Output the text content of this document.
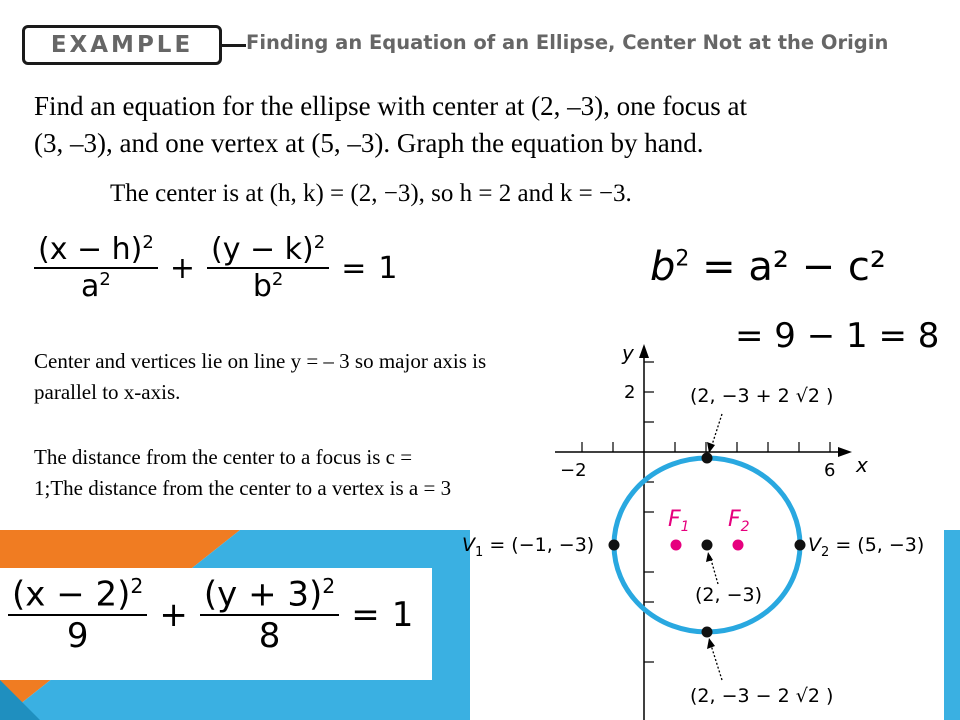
EXAMPLE	Finding an Equation of an Ellipse, Center Not at the Origin
Find an equation for the ellipse with center at (2, –3), one focus at
(3, –3), and one vertex at (5, –3). Graph the equation by hand.
The center is at (h, k) = (2, −3), so h = 2 and k = −3.
$\frac{(x - h)^2}{a^2} + \frac{(y - k)^2}{b^2} = 1$	$b^2 = a^2 - c^2$
= 9 − 1 = 8
Center and vertices lie on line y = – 3 so major axis is parallel to x-axis.
The distance from the center to a focus is c = 1;The distance from the center to a vertex is a = 3
$\frac{(x - 2)^2}{9} + \frac{(y + 3)^2}{8} = 1$
y
x
2
−2	6
(2, −3 + 2 √2 )
(2, −3 − 2 √2 )
(2, −3)
$F_1$ $F_2$
$V_1 = (-1$, −3)	$V_2 = (5$, −3)
